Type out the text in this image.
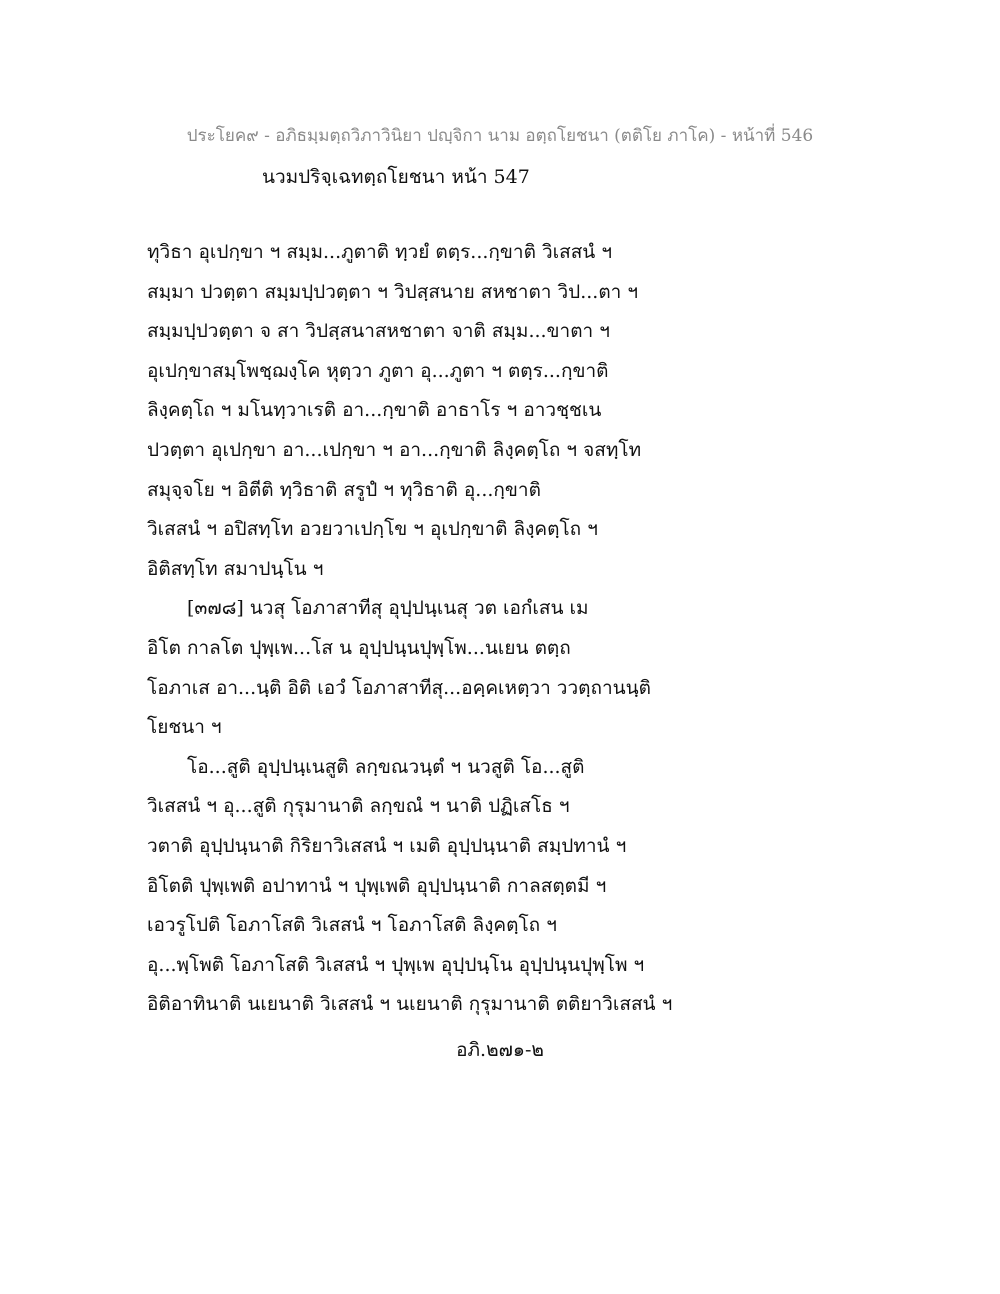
ประโยค๙ - อภิธมฺมตฺถวิภาวินิยา ปญฺจิกา นาม อตฺถโยชนา (ตติโย ภาโค) - หน้าที่ 546
นวมปริจฺเฉทตฺถโยชนา หน้า 547
ทุวิธา อุเปกฺขา ฯ สมฺม...ภูตาติ ทฺวยํ ตตฺร...กฺขาติ วิเสสนํ ฯ
สมฺมา ปวตฺตา สมฺมปฺปวตฺตา ฯ วิปสฺสนาย สหชาตา วิป...ตา ฯ
สมฺมปฺปวตฺตา จ สา วิปสฺสนาสหชาตา จาติ สมฺม...ขาตา ฯ
อุเปกฺขาสมฺโพชฺฌงฺโค หุตฺวา ภูตา อุ...ภูตา ฯ ตตฺร...กฺขาติ
ลิงฺคตฺโถ ฯ มโนทฺวาเรติ อา...กฺขาติ อาธาโร ฯ อาวชฺชเน
ปวตฺตา อุเปกฺขา อา...เปกฺขา ฯ อา...กฺขาติ ลิงฺคตฺโถ ฯ จสทฺโท
สมุจฺจโย ฯ อิตีติ ทฺวิธาติ สรูปํ ฯ ทุวิธาติ อุ...กฺขาติ
วิเสสนํ ฯ อปิสทฺโท อวยวาเปกฺโข ฯ อุเปกฺขาติ ลิงฺคตฺโถ ฯ
อิติสทฺโท สมาปนฺโน ฯ
[๓๗๘] นวสุ โอภาสาทีสุ อุปฺปนฺเนสุ วต เอกํเสน เม
อิโต กาลโต ปุพฺเพ...โส น อุปฺปนฺนปุพฺโพ...นเยน ตตฺถ
โอภาเส อา...นฺติ อิติ เอวํ โอภาสาทีสุ...อคฺคเหตฺวา ววตฺถานนฺติ
โยชนา ฯ
โอ...สูติ อุปฺปนฺเนสูติ ลกฺขณวนฺตํ ฯ นวสูติ โอ...สูติ
วิเสสนํ ฯ อุ...สูติ กุรุมานาติ ลกฺขณํ ฯ นาติ ปฏิเสโธ ฯ
วตาติ อุปฺปนฺนาติ กิริยาวิเสสนํ ฯ เมติ อุปฺปนฺนาติ สมฺปทานํ ฯ
อิโตติ ปุพฺเพติ อปาทานํ ฯ ปุพฺเพติ อุปฺปนฺนาติ กาลสตฺตมี ฯ
เอวรูโปติ โอภาโสติ วิเสสนํ ฯ โอภาโสติ ลิงฺคตฺโถ ฯ
อุ...พฺโพติ โอภาโสติ วิเสสนํ ฯ ปุพฺเพ อุปฺปนฺโน อุปฺปนฺนปุพฺโพ ฯ
อิติอาทินาติ นเยนาติ วิเสสนํ ฯ นเยนาติ กุรุมานาติ ตติยาวิเสสนํ ฯ
อภิ.๒๗๑-๒
